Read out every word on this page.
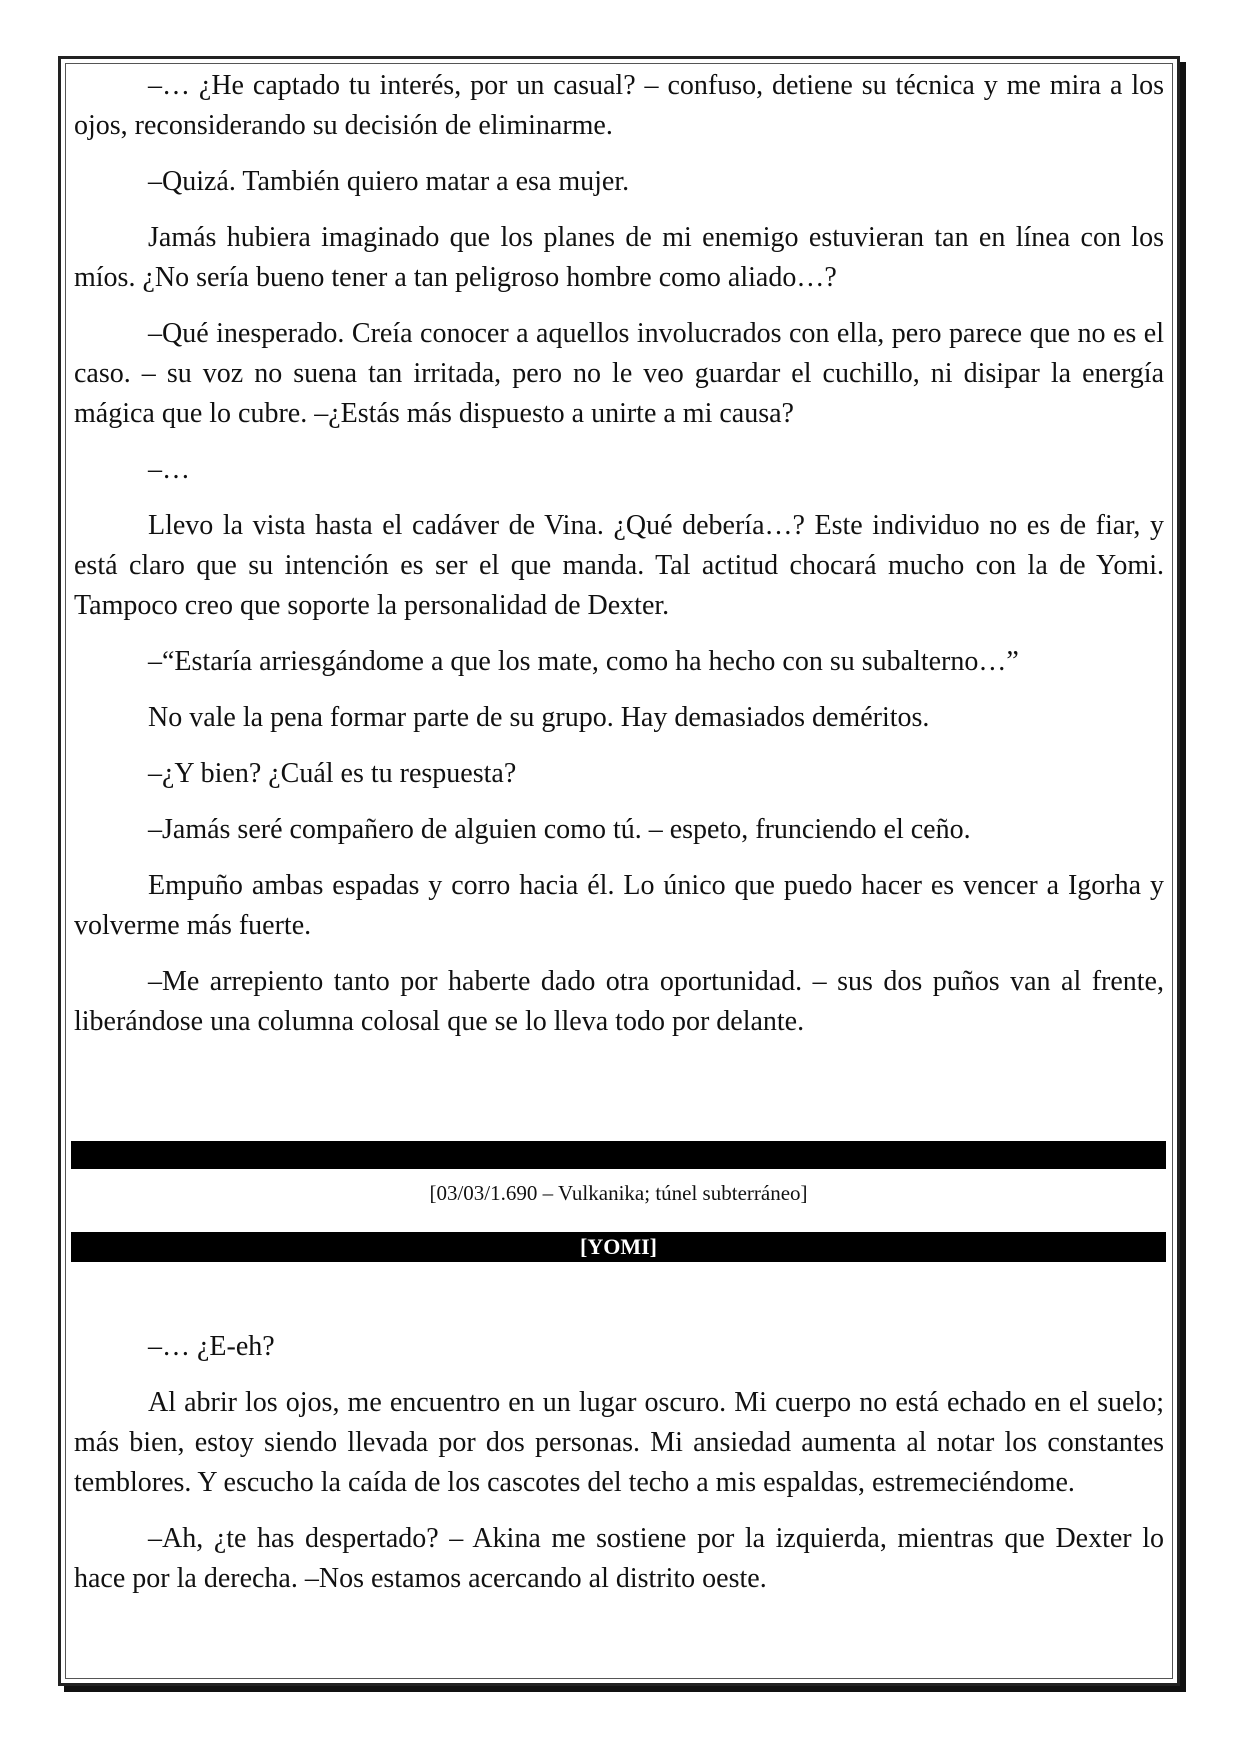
–… ¿He captado tu interés, por un casual? – confuso, detiene su técnica y me mira a los ojos, reconsiderando su decisión de eliminarme.

–Quizá. También quiero matar a esa mujer.

Jamás hubiera imaginado que los planes de mi enemigo estuvieran tan en línea con los míos. ¿No sería bueno tener a tan peligroso hombre como aliado…?

–Qué inesperado. Creía conocer a aquellos involucrados con ella, pero parece que no es el caso. – su voz no suena tan irritada, pero no le veo guardar el cuchillo, ni disipar la energía mágica que lo cubre. –¿Estás más dispuesto a unirte a mi causa?

–…

Llevo la vista hasta el cadáver de Vina. ¿Qué debería…? Este individuo no es de fiar, y está claro que su intención es ser el que manda. Tal actitud chocará mucho con la de Yomi. Tampoco creo que soporte la personalidad de Dexter.

–“Estaría arriesgándome a que los mate, como ha hecho con su subalterno…”

No vale la pena formar parte de su grupo. Hay demasiados deméritos.

–¿Y bien? ¿Cuál es tu respuesta?

–Jamás seré compañero de alguien como tú. – espeto, frunciendo el ceño.

Empuño ambas espadas y corro hacia él. Lo único que puedo hacer es vencer a Igorha y volverme más fuerte.

–Me arrepiento tanto por haberte dado otra oportunidad. – sus dos puños van al frente, liberándose una columna colosal que se lo lleva todo por delante.

[03/03/1.690 – Vulkanika; túnel subterráneo]
[YOMI]

–… ¿E-eh?

Al abrir los ojos, me encuentro en un lugar oscuro. Mi cuerpo no está echado en el suelo; más bien, estoy siendo llevada por dos personas. Mi ansiedad aumenta al notar los constantes temblores. Y escucho la caída de los cascotes del techo a mis espaldas, estremeciéndome.

–Ah, ¿te has despertado? – Akina me sostiene por la izquierda, mientras que Dexter lo hace por la derecha. –Nos estamos acercando al distrito oeste.
